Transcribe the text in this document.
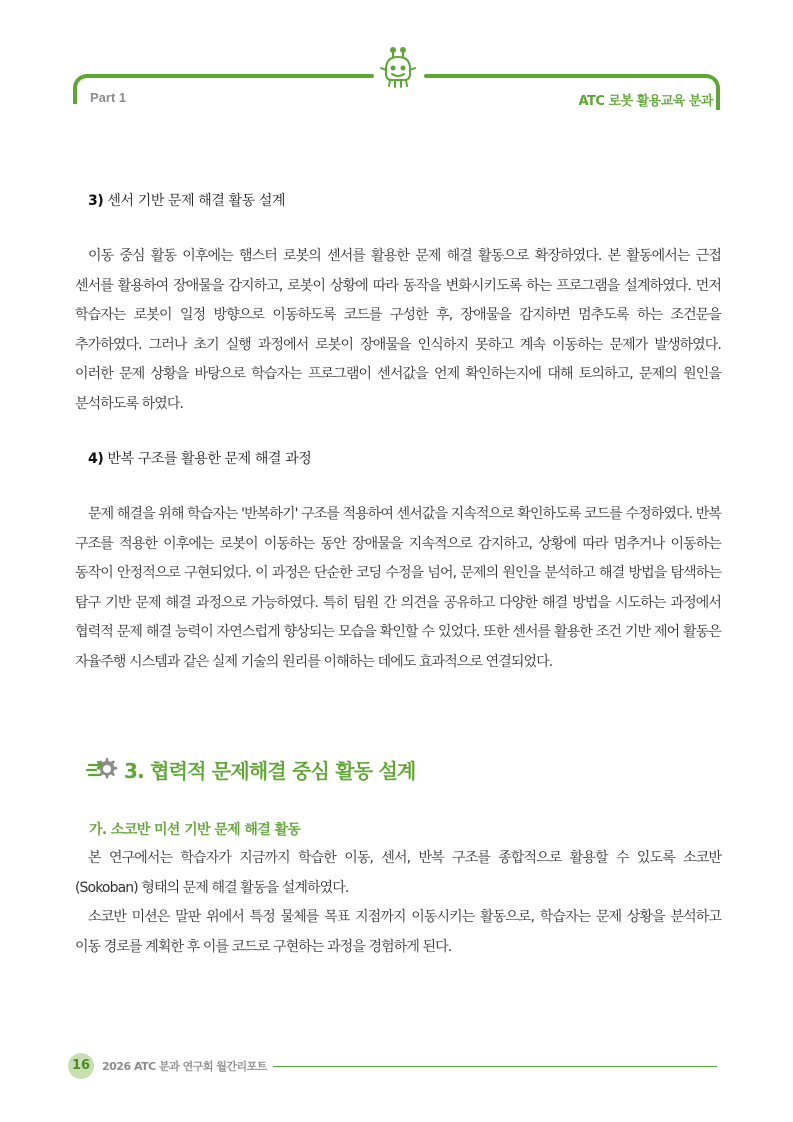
Part 1	ATC 로봇 활용교육 분과
3) 센서 기반 문제 해결 활동 설계
이동 중심 활동 이후에는 햄스터 로봇의 센서를 활용한 문제 해결 활동으로 확장하였다. 본 활동에서는 근접 센서를 활용하여 장애물을 감지하고, 로봇이 상황에 따라 동작을 변화시키도록 하는 프로그램을 설계하였다. 먼저 학습자는 로봇이 일정 방향으로 이동하도록 코드를 구성한 후, 장애물을 감지하면 멈추도록 하는 조건문을 추가하였다. 그러나 초기 실행 과정에서 로봇이 장애물을 인식하지 못하고 계속 이동하는 문제가 발생하였다. 이러한 문제 상황을 바탕으로 학습자는 프로그램이 센서값을 언제 확인하는지에 대해 토의하고, 문제의 원인을 분석하도록 하였다.
4) 반복 구조를 활용한 문제 해결 과정
문제 해결을 위해 학습자는 '반복하기' 구조를 적용하여 센서값을 지속적으로 확인하도록 코드를 수정하였다. 반복 구조를 적용한 이후에는 로봇이 이동하는 동안 장애물을 지속적으로 감지하고, 상황에 따라 멈추거나 이동하는 동작이 안정적으로 구현되었다. 이 과정은 단순한 코딩 수정을 넘어, 문제의 원인을 분석하고 해결 방법을 탐색하는 탐구 기반 문제 해결 과정으로 가능하였다. 특히 팀원 간 의견을 공유하고 다양한 해결 방법을 시도하는 과정에서 협력적 문제 해결 능력이 자연스럽게 향상되는 모습을 확인할 수 있었다. 또한 센서를 활용한 조건 기반 제어 활동은 자율주행 시스템과 같은 실제 기술의 원리를 이해하는 데에도 효과적으로 연결되었다.
3. 협력적 문제해결 중심 활동 설계
가. 소코반 미션 기반 문제 해결 활동
본 연구에서는 학습자가 지금까지 학습한 이동, 센서, 반복 구조를 종합적으로 활용할 수 있도록 소코반(Sokoban) 형태의 문제 해결 활동을 설계하였다.
소코반 미션은 말판 위에서 특정 물체를 목표 지점까지 이동시키는 활동으로, 학습자는 문제 상황을 분석하고 이동 경로를 계획한 후 이를 코드로 구현하는 과정을 경험하게 된다.
16	2026 ATC 분과 연구회 월간리포트
